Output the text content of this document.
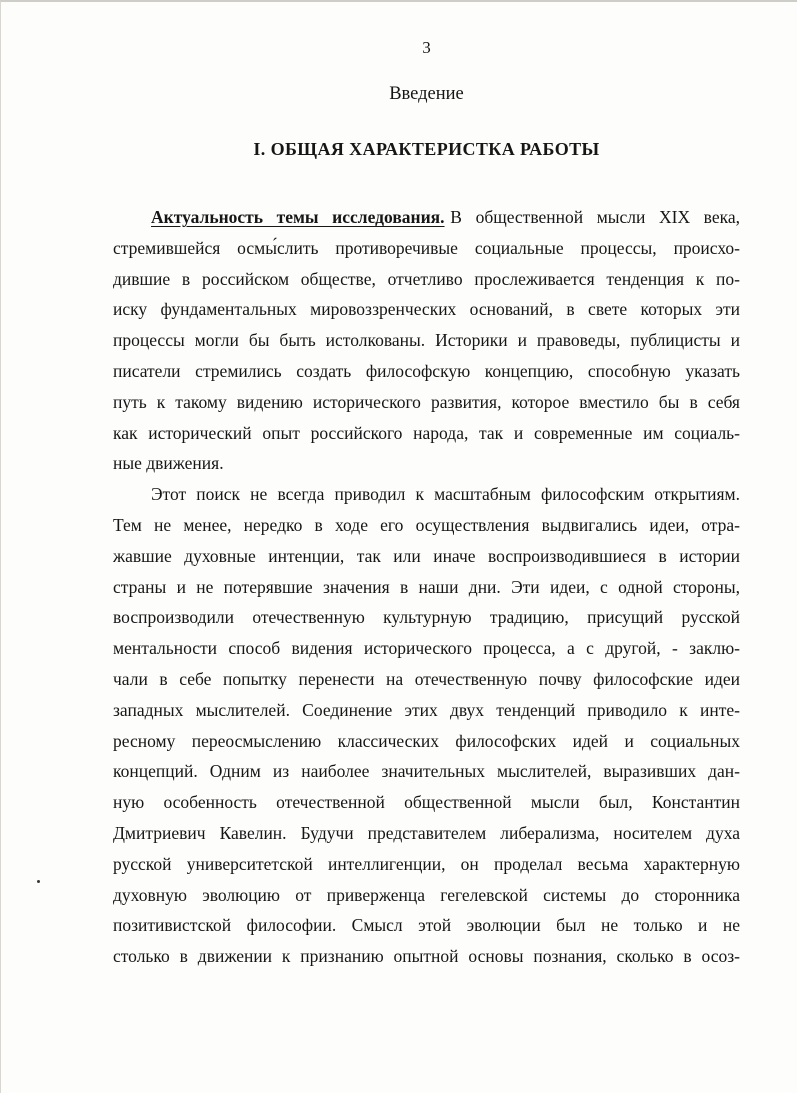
3
Введение
I. ОБЩАЯ ХАРАКТЕРИСТКА РАБОТЫ
Актуальность темы исследования. В общественной мысли XIX века,
стремившейся осмы́слить противоречивые социальные процессы, происхо-
дившие в российском обществе, отчетливо прослеживается тенденция к по-
иску фундаментальных мировоззренческих оснований, в свете которых эти
процессы могли бы быть истолкованы. Историки и правоведы, публицисты и
писатели стремились создать философскую концепцию, способную указать
путь к такому видению исторического развития, которое вместило бы в себя
как исторический опыт российского народа, так и современные им социаль-
ные движения.
Этот поиск не всегда приводил к масштабным философским открытиям.
Тем не менее, нередко в ходе его осуществления выдвигались идеи, отра-
жавшие духовные интенции, так или иначе воспроизводившиеся в истории
страны и не потерявшие значения в наши дни. Эти идеи, с одной стороны,
воспроизводили отечественную культурную традицию, присущий русской
ментальности способ видения исторического процесса, а с другой, - заклю-
чали в себе попытку перенести на отечественную почву философские идеи
западных мыслителей. Соединение этих двух тенденций приводило к инте-
ресному переосмыслению классических философских идей и социальных
концепций. Одним из наиболее значительных мыслителей, выразивших дан-
ную особенность отечественной общественной мысли был, Константин
Дмитриевич Кавелин. Будучи представителем либерализма, носителем духа
русской университетской интеллигенции, он проделал весьма характерную
духовную эволюцию от приверженца гегелевской системы до сторонника
позитивистской философии. Смысл этой эволюции был не только и не
столько в движении к признанию опытной основы познания, сколько в осоз-
